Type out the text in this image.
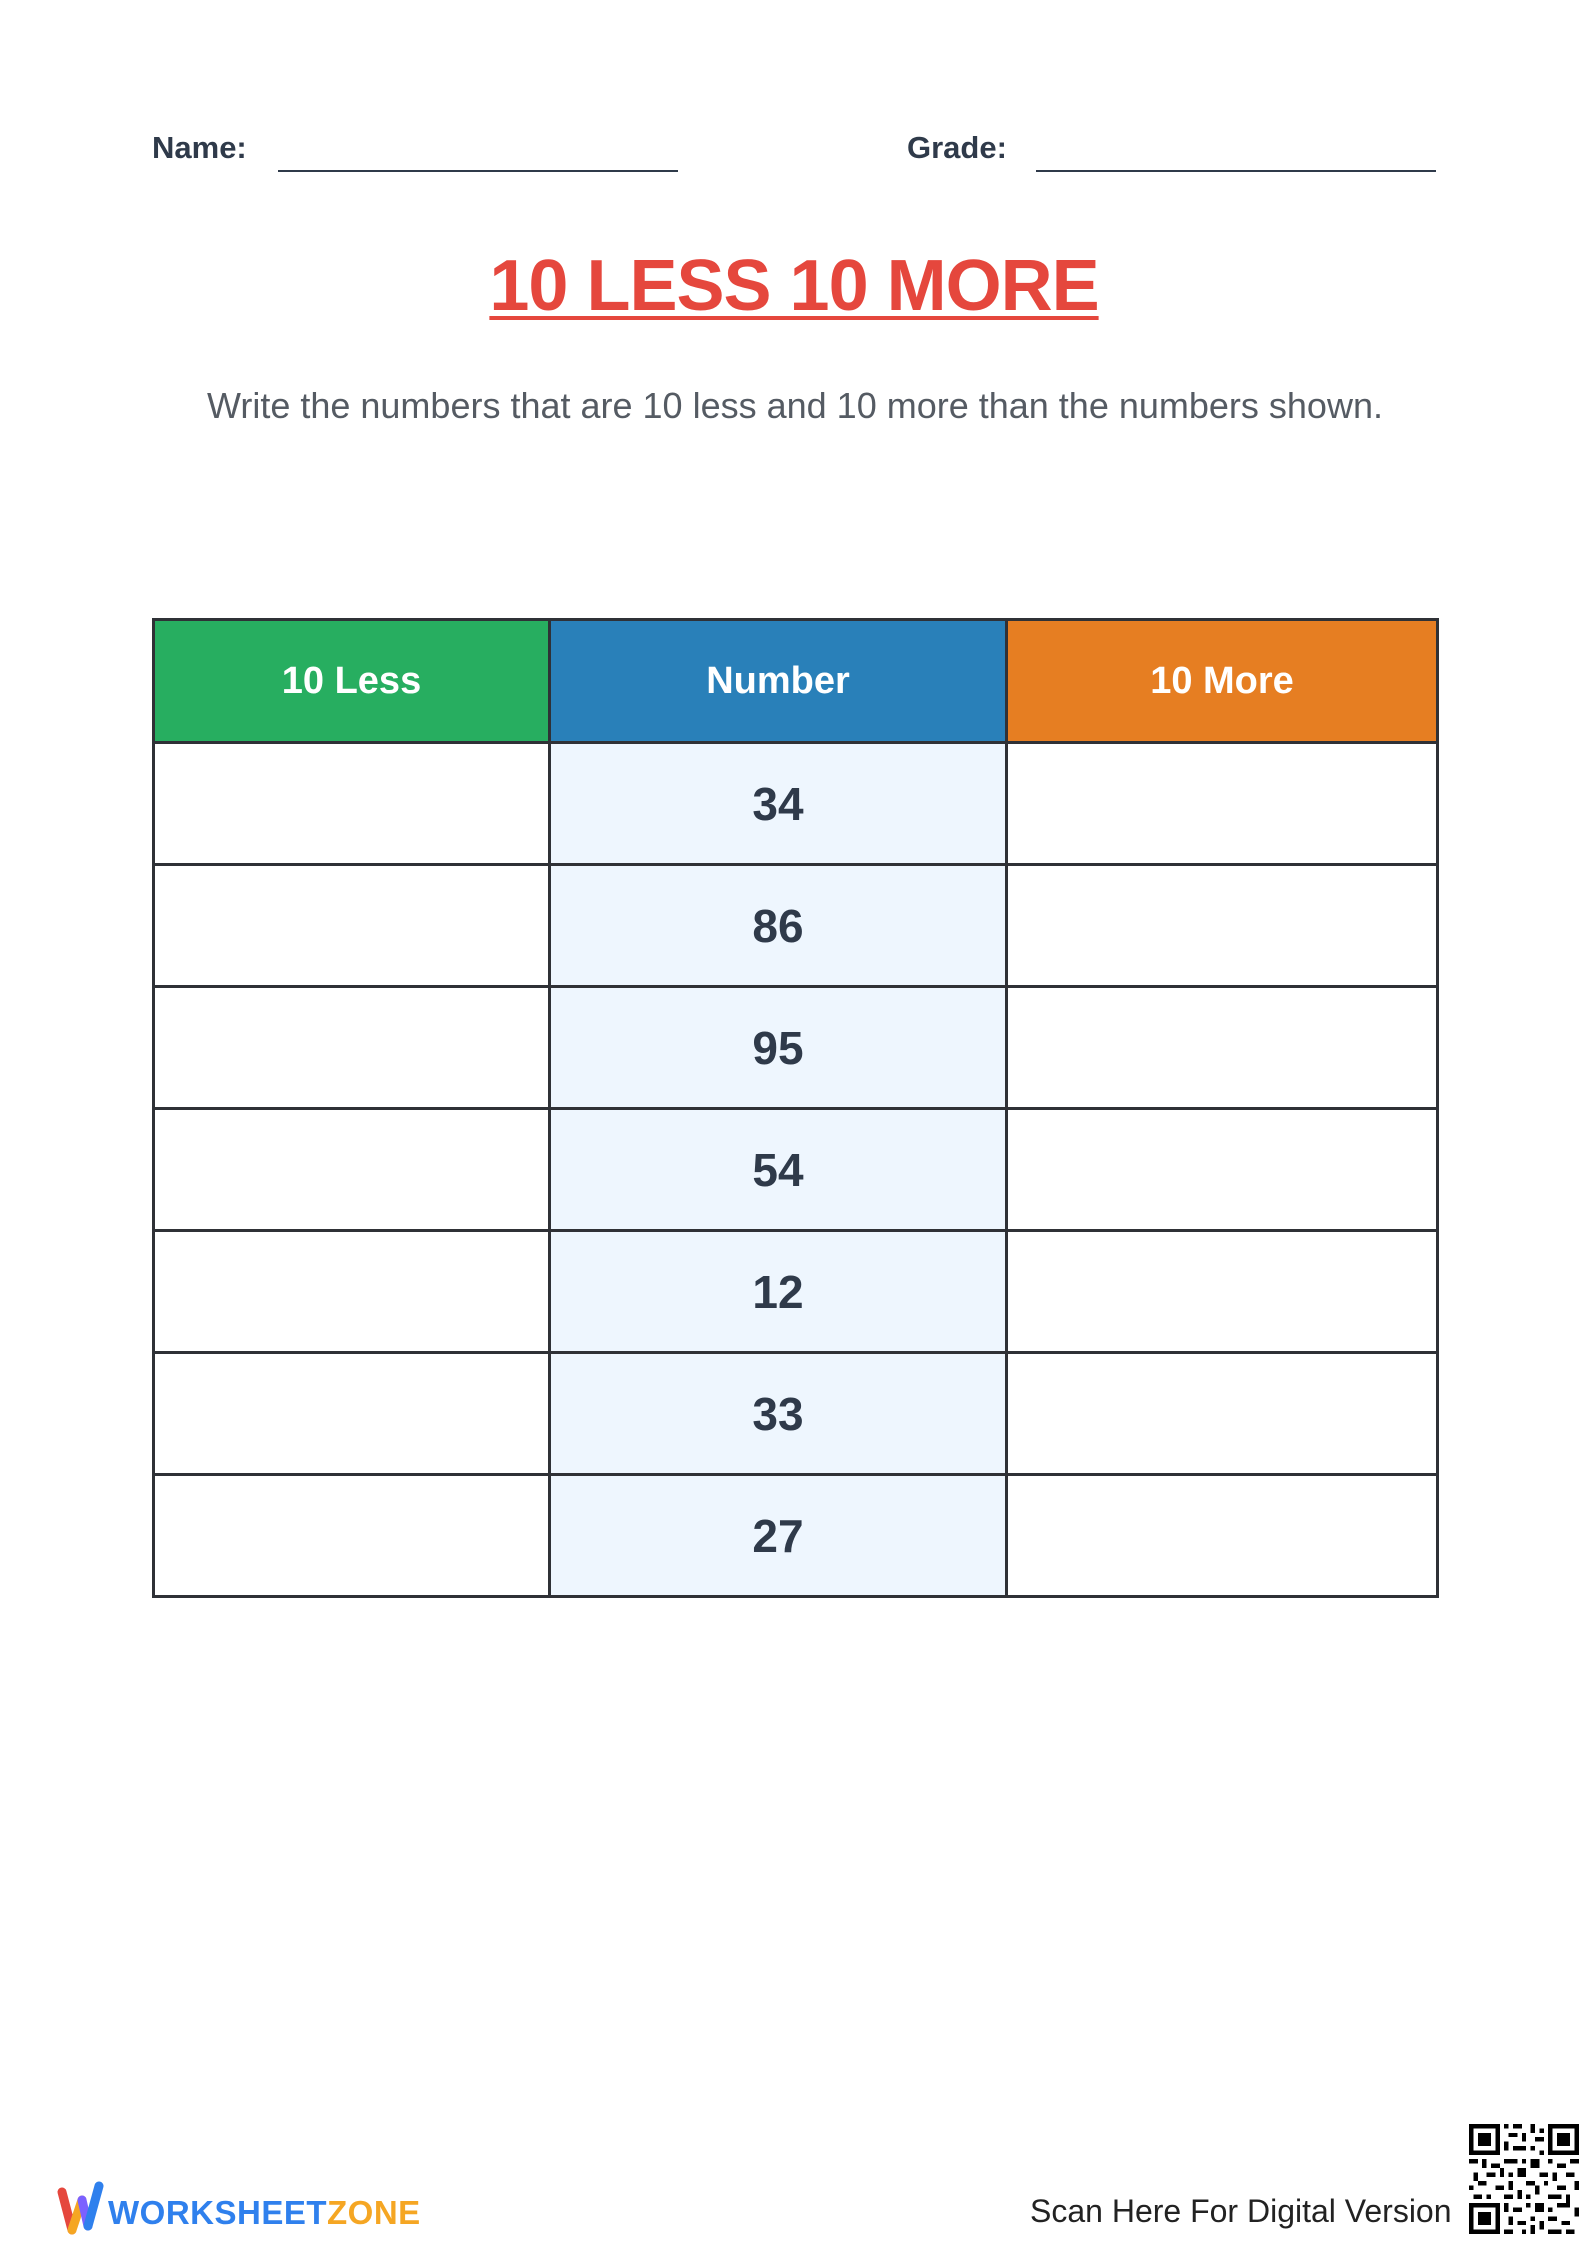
Name:	Grade:
10 LESS 10 MORE
Write the numbers that are 10 less and 10 more than the numbers shown.
10 Less	Number	10 More
	34	
	86	
	95	
	54	
	12	
	33	
	27	
WORKSHEETZONE	Scan Here For Digital Version
